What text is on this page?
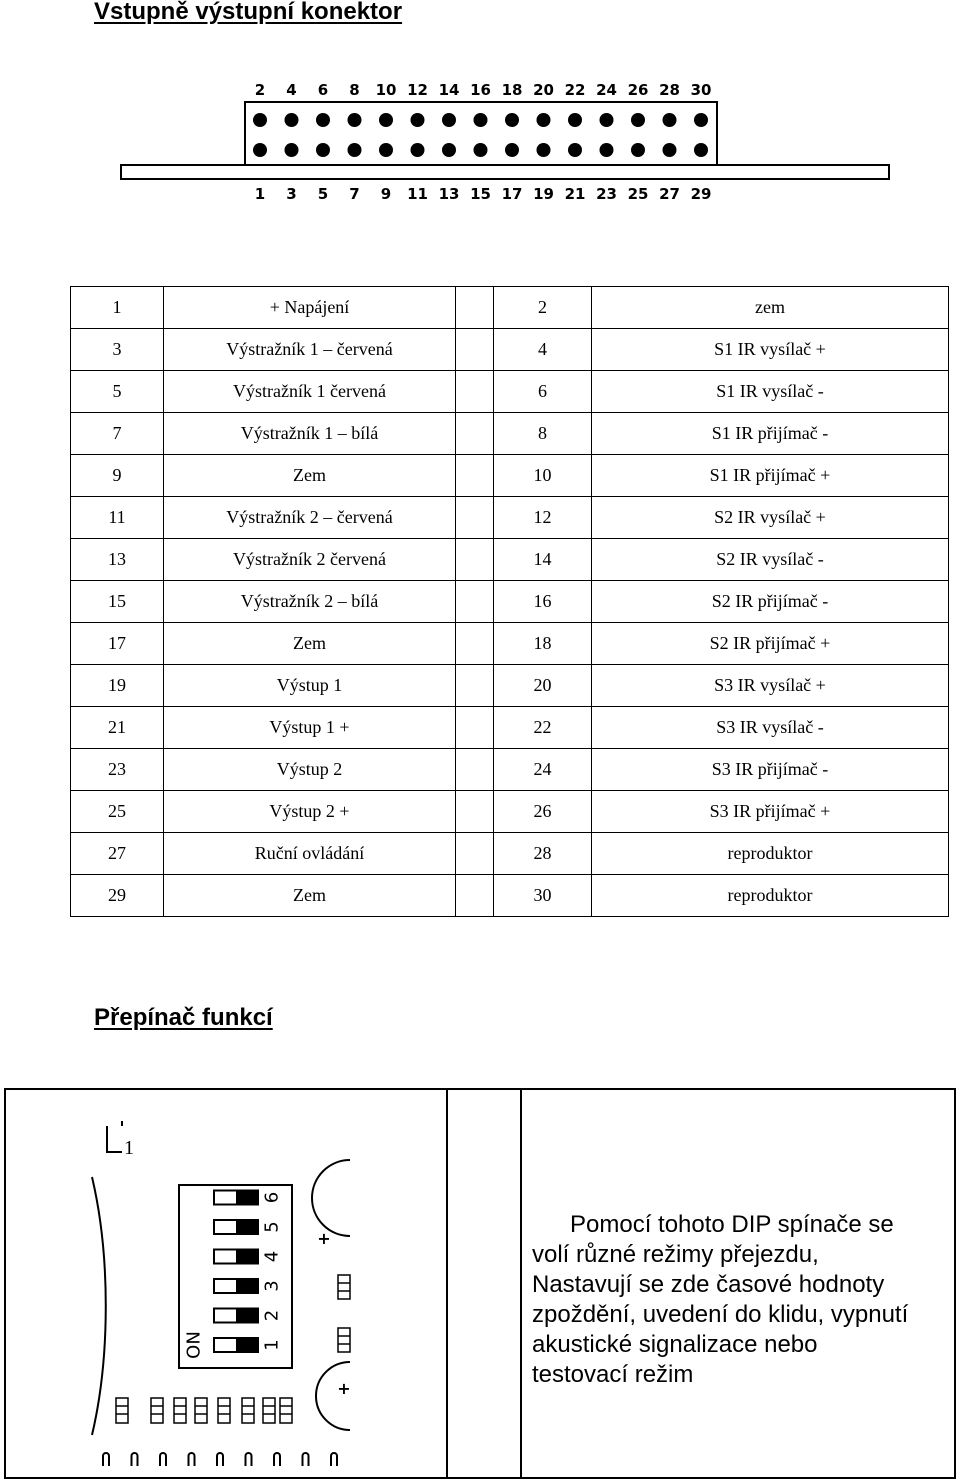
Vstupně výstupní konektor
2 4 6 8 10 12 14 16 18 20 22 24 26 28 30
1 3 5 7 9 11 13 15 17 19 21 23 25 27 29
1	+ Napájení		2	zem
3	Výstražník 1 – červená		4	S1 IR vysílač +
5	Výstražník 1 červená		6	S1 IR vysílač -
7	Výstražník 1 – bílá		8	S1 IR přijímač -
9	Zem		10	S1 IR přijímač +
11	Výstražník 2 – červená		12	S2 IR vysílač +
13	Výstražník 2 červená		14	S2 IR vysílač -
15	Výstražník 2 – bílá		16	S2 IR přijímač -
17	Zem		18	S2 IR přijímač +
19	Výstup 1		20	S3 IR vysílač +
21	Výstup 1 +		22	S3 IR vysílač -
23	Výstup 2		24	S3 IR přijímač -
25	Výstup 2 +		26	S3 IR přijímač +
27	Ruční ovládání		28	reproduktor
29	Zem		30	reproduktor
Přepínač funkcí
1
1
2
3
4
5
6
ON
+
+
Pomocí tohoto DIP spínače se
volí různé režimy přejezdu,
Nastavují se zde časové hodnoty
zpoždění, uvedení do klidu, vypnutí
akustické signalizace nebo
testovací režim
